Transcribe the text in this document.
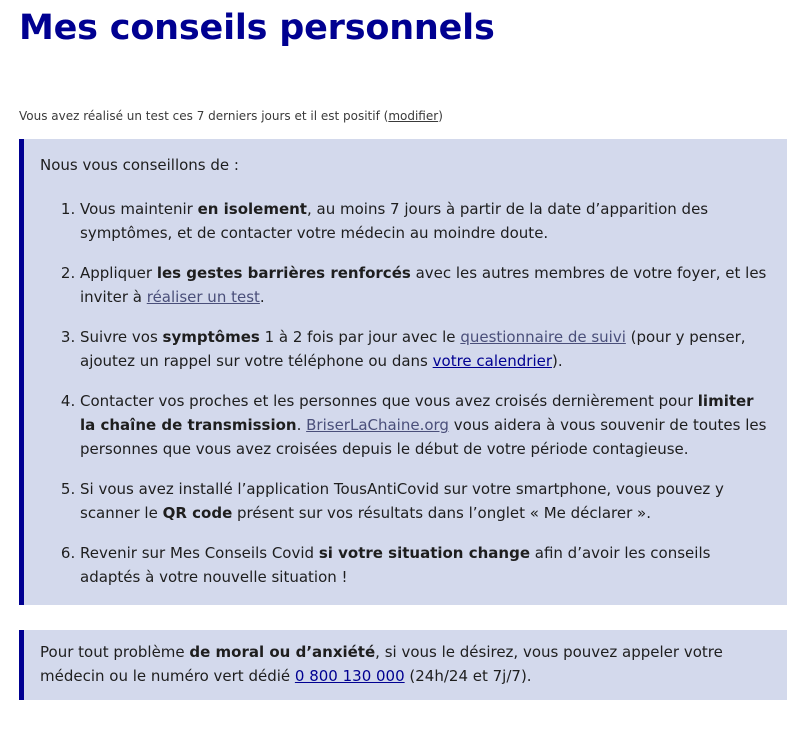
Mes conseils personnels

Vous avez réalisé un test ces 7 derniers jours et il est positif (modifier)

Nous vous conseillons de :

1. Vous maintenir en isolement, au moins 7 jours à partir de la date d’apparition des symptômes, et de contacter votre médecin au moindre doute.
2. Appliquer les gestes barrières renforcés avec les autres membres de votre foyer, et les inviter à réaliser un test.
3. Suivre vos symptômes 1 à 2 fois par jour avec le questionnaire de suivi (pour y penser, ajoutez un rappel sur votre téléphone ou dans votre calendrier).
4. Contacter vos proches et les personnes que vous avez croisés dernièrement pour limiter la chaîne de transmission. BriserLaChaine.org vous aidera à vous souvenir de toutes les personnes que vous avez croisées depuis le début de votre période contagieuse.
5. Si vous avez installé l’application TousAntiCovid sur votre smartphone, vous pouvez y scanner le QR code présent sur vos résultats dans l’onglet « Me déclarer ».
6. Revenir sur Mes Conseils Covid si votre situation change afin d’avoir les conseils adaptés à votre nouvelle situation !

Pour tout problème de moral ou d’anxiété, si vous le désirez, vous pouvez appeler votre médecin ou le numéro vert dédié 0 800 130 000 (24h/24 et 7j/7).
